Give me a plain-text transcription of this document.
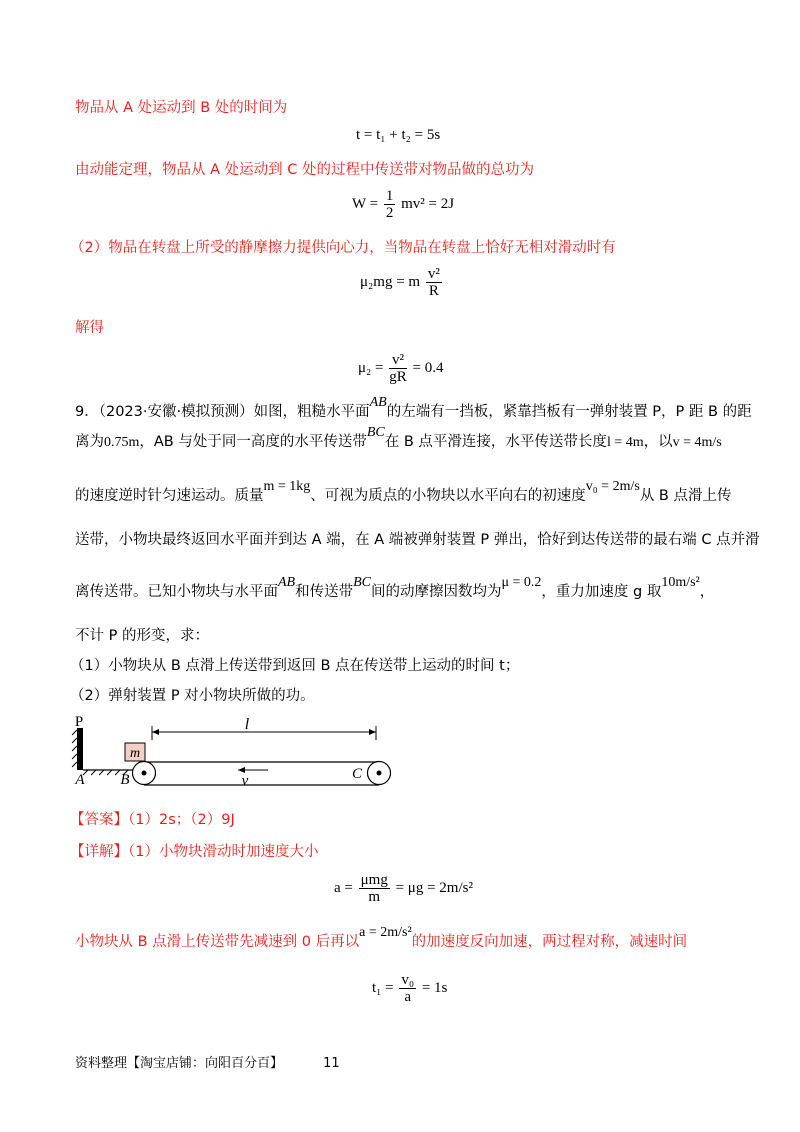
物品从 A 处运动到 B 处的时间为
t = t₁ + t₂ = 5s
由动能定理，物品从 A 处运动到 C 处的过程中传送带对物品做的总功为
$W = \frac{1}{2} mv^2 = 2J$
（2）物品在转盘上所受的静摩擦力提供向心力，当物品在转盘上恰好无相对滑动时有
μ₂mg = m $\frac{\text{v²}}{R}$
解得
$\mu_2 = \frac{\text{v²}}{gR} = 0.4$
9．（2023·安徽·模拟预测）如图，粗糙水平面AB的左端有一挡板，紧靠挡板有一弹射装置 P，P 距 B 的距
离为0.75m，AB 与处于同一高度的水平传送带BC在 B 点平滑连接，水平传送带长度l = 4m，以v = 4m/s
的速度逆时针匀速运动。质量m = 1kg、可视为质点的小物块以水平向右的初速度v₀ = 2m/s从 B 点滑上传
送带，小物块最终返回水平面并到达 A 端，在 A 端被弹射装置 P 弹出，恰好到达传送带的最右端 C 点并滑
离传送带。已知小物块与水平面AB和传送带BC间的动摩擦因数均为μ = 0.2，重力加速度 g 取10m/s²，
不计 P 的形变，求：
（1）小物块从 B 点滑上传送带到返回 B 点在传送带上运动的时间 t；
（2）弹射装置 P 对小物块所做的功。
P
m
l
v
A B	C
【答案】（1）2s；（2）9J
【详解】（1）小物块滑动时加速度大小
$a = \frac{\text{μmg}}{m} = \mu g = 2m/s^2$
小物块从 B 点滑上传送带先减速到 0 后再以a = 2m/s²的加速度反向加速，两过程对称，减速时间
$t_1 = \frac{\text{v₀}}{a} = 1s$
资料整理【淘宝店铺：向阳百分百】	11
